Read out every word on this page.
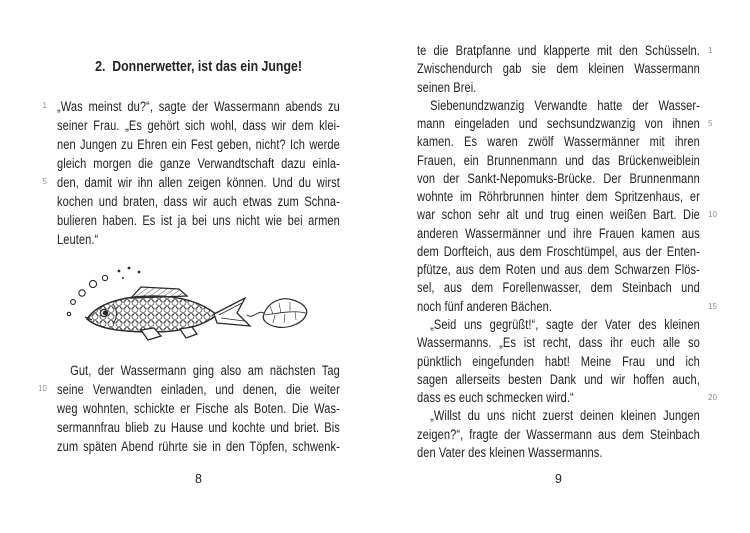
2.  Donnerwetter, ist das ein Junge!
1 „Was meinst du?“, sagte der Wassermann abends zu
seiner Frau. „Es gehört sich wohl, dass wir dem klei-
nen Jungen zu Ehren ein Fest geben, nicht? Ich werde
gleich morgen die ganze Verwandtschaft dazu einla-
5 den, damit wir ihn allen zeigen können. Und du wirst
kochen und braten, dass wir auch etwas zum Schna-
bulieren haben. Es ist ja bei uns nicht wie bei armen
Leuten.“
Gut, der Wassermann ging also am nächsten Tag
10 seine Verwandten einladen, und denen, die weiter
weg wohnten, schickte er Fische als Boten. Die Was-
sermannfrau blieb zu Hause und kochte und briet. Bis
zum späten Abend rührte sie in den Töpfen, schwenk-
1
te die Bratpfanne und klapperte mit den Schüsseln.
Zwischendurch gab sie dem kleinen Wassermann
seinen Brei.
Siebenundzwanzig Verwandte hatte der Wasser-
5
mann eingeladen und sechsundzwanzig von ihnen
kamen. Es waren zwölf Wassermänner mit ihren
Frauen, ein Brunnenmann und das Brückenweiblein
von der Sankt-Nepomuks-Brücke. Der Brunnenmann
wohnte im Röhrbrunnen hinter dem Spritzenhaus, er
10
war schon sehr alt und trug einen weißen Bart. Die
anderen Wassermänner und ihre Frauen kamen aus
dem Dorfteich, aus dem Froschtümpel, aus der Enten-
pfütze, aus dem Roten und aus dem Schwarzen Flös-
sel, aus dem Forellenwasser, dem Steinbach und
15
noch fünf anderen Bächen.
„Seid uns gegrüßt!“, sagte der Vater des kleinen
Wassermanns. „Es ist recht, dass ihr euch alle so
pünktlich eingefunden habt! Meine Frau und ich
sagen allerseits besten Dank und wir hoffen auch,
20
dass es euch schmecken wird.“
„Willst du uns nicht zuerst deinen kleinen Jungen
zeigen?“, fragte der Wassermann aus dem Steinbach
den Vater des kleinen Wassermanns.
8	9
